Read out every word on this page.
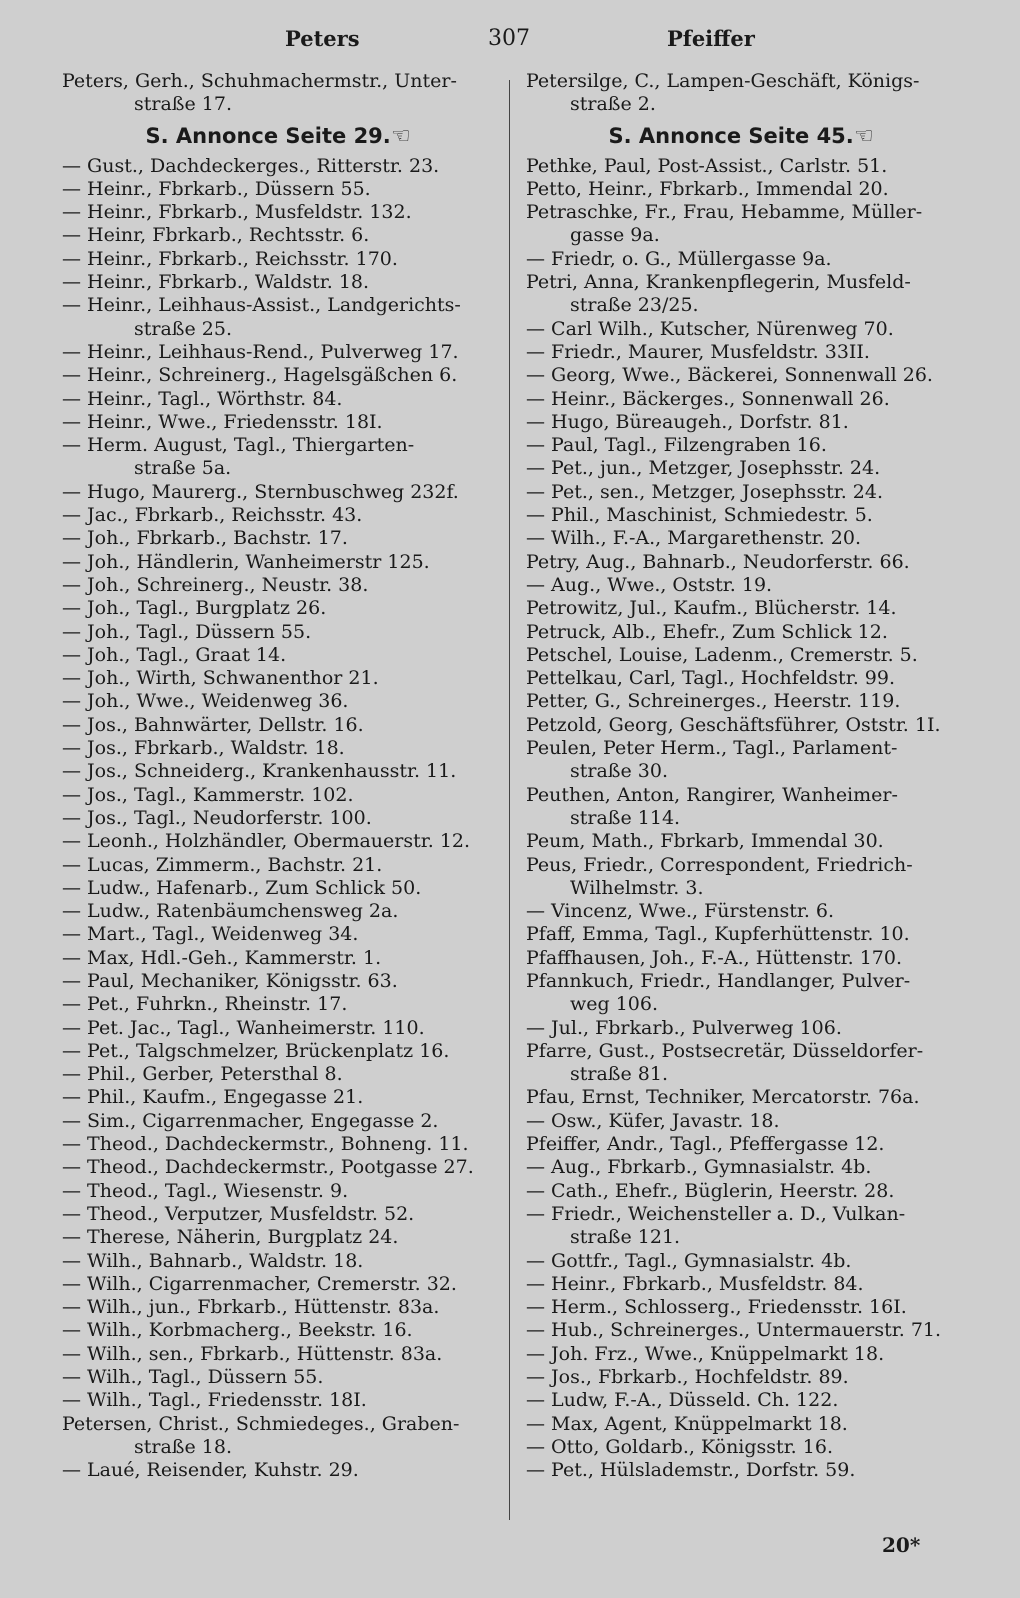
Peters	307	Pfeiffer
Peters, Gerh., Schuhmachermstr., Unter-
straße 17.
S. Annonce Seite 29.☞
— Gust., Dachdeckerges., Ritterstr. 23.
— Heinr., Fbrkarb., Düssern 55.
— Heinr., Fbrkarb., Musfeldstr. 132.
— Heinr, Fbrkarb., Rechtsstr. 6.
— Heinr., Fbrkarb., Reichsstr. 170.
— Heinr., Fbrkarb., Waldstr. 18.
— Heinr., Leihhaus-Assist., Landgerichts-
straße 25.
— Heinr., Leihhaus-Rend., Pulverweg 17.
— Heinr., Schreinerg., Hagelsgäßchen 6.
— Heinr., Tagl., Wörthstr. 84.
— Heinr., Wwe., Friedensstr. 18I.
— Herm. August, Tagl., Thiergarten-
straße 5a.
— Hugo, Maurerg., Sternbuschweg 232f.
— Jac., Fbrkarb., Reichsstr. 43.
— Joh., Fbrkarb., Bachstr. 17.
— Joh., Händlerin, Wanheimerstr 125.
— Joh., Schreinerg., Neustr. 38.
— Joh., Tagl., Burgplatz 26.
— Joh., Tagl., Düssern 55.
— Joh., Tagl., Graat 14.
— Joh., Wirth, Schwanenthor 21.
— Joh., Wwe., Weidenweg 36.
— Jos., Bahnwärter, Dellstr. 16.
— Jos., Fbrkarb., Waldstr. 18.
— Jos., Schneiderg., Krankenhausstr. 11.
— Jos., Tagl., Kammerstr. 102.
— Jos., Tagl., Neudorferstr. 100.
— Leonh., Holzhändler, Obermauerstr. 12.
— Lucas, Zimmerm., Bachstr. 21.
— Ludw., Hafenarb., Zum Schlick 50.
— Ludw., Ratenbäumchensweg 2a.
— Mart., Tagl., Weidenweg 34.
— Max, Hdl.-Geh., Kammerstr. 1.
— Paul, Mechaniker, Königsstr. 63.
— Pet., Fuhrkn., Rheinstr. 17.
— Pet. Jac., Tagl., Wanheimerstr. 110.
— Pet., Talgschmelzer, Brückenplatz 16.
— Phil., Gerber, Petersthal 8.
— Phil., Kaufm., Engegasse 21.
— Sim., Cigarrenmacher, Engegasse 2.
— Theod., Dachdeckermstr., Bohneng. 11.
— Theod., Dachdeckermstr., Pootgasse 27.
— Theod., Tagl., Wiesenstr. 9.
— Theod., Verputzer, Musfeldstr. 52.
— Therese, Näherin, Burgplatz 24.
— Wilh., Bahnarb., Waldstr. 18.
— Wilh., Cigarrenmacher, Cremerstr. 32.
— Wilh., jun., Fbrkarb., Hüttenstr. 83a.
— Wilh., Korbmacherg., Beekstr. 16.
— Wilh., sen., Fbrkarb., Hüttenstr. 83a.
— Wilh., Tagl., Düssern 55.
— Wilh., Tagl., Friedensstr. 18I.
Petersen, Christ., Schmiedeges., Graben-
straße 18.
— Laué, Reisender, Kuhstr. 29.
Petersilge, C., Lampen-Geschäft, Königs-
straße 2.
S. Annonce Seite 45.☞
Pethke, Paul, Post-Assist., Carlstr. 51.
Petto, Heinr., Fbrkarb., Immendal 20.
Petraschke, Fr., Frau, Hebamme, Müller-
gasse 9a.
— Friedr, o. G., Müllergasse 9a.
Petri, Anna, Krankenpflegerin, Musfeld-
straße 23/25.
— Carl Wilh., Kutscher, Nürenweg 70.
— Friedr., Maurer, Musfeldstr. 33II.
— Georg, Wwe., Bäckerei, Sonnenwall 26.
— Heinr., Bäckerges., Sonnenwall 26.
— Hugo, Büreaugeh., Dorfstr. 81.
— Paul, Tagl., Filzengraben 16.
— Pet., jun., Metzger, Josephsstr. 24.
— Pet., sen., Metzger, Josephsstr. 24.
— Phil., Maschinist, Schmiedestr. 5.
— Wilh., F.-A., Margarethenstr. 20.
Petry, Aug., Bahnarb., Neudorferstr. 66.
— Aug., Wwe., Oststr. 19.
Petrowitz, Jul., Kaufm., Blücherstr. 14.
Petruck, Alb., Ehefr., Zum Schlick 12.
Petschel, Louise, Ladenm., Cremerstr. 5.
Pettelkau, Carl, Tagl., Hochfeldstr. 99.
Petter, G., Schreinerges., Heerstr. 119.
Petzold, Georg, Geschäftsführer, Oststr. 1I.
Peulen, Peter Herm., Tagl., Parlament-
straße 30.
Peuthen, Anton, Rangirer, Wanheimer-
straße 114.
Peum, Math., Fbrkarb, Immendal 30.
Peus, Friedr., Correspondent, Friedrich-
Wilhelmstr. 3.
— Vincenz, Wwe., Fürstenstr. 6.
Pfaff, Emma, Tagl., Kupferhüttenstr. 10.
Pfaffhausen, Joh., F.-A., Hüttenstr. 170.
Pfannkuch, Friedr., Handlanger, Pulver-
weg 106.
— Jul., Fbrkarb., Pulverweg 106.
Pfarre, Gust., Postsecretär, Düsseldorfer-
straße 81.
Pfau, Ernst, Techniker, Mercatorstr. 76a.
— Osw., Küfer, Javastr. 18.
Pfeiffer, Andr., Tagl., Pfeffergasse 12.
— Aug., Fbrkarb., Gymnasialstr. 4b.
— Cath., Ehefr., Büglerin, Heerstr. 28.
— Friedr., Weichensteller a. D., Vulkan-
straße 121.
— Gottfr., Tagl., Gymnasialstr. 4b.
— Heinr., Fbrkarb., Musfeldstr. 84.
— Herm., Schlosserg., Friedensstr. 16I.
— Hub., Schreinerges., Untermauerstr. 71.
— Joh. Frz., Wwe., Knüppelmarkt 18.
— Jos., Fbrkarb., Hochfeldstr. 89.
— Ludw, F.-A., Düsseld. Ch. 122.
— Max, Agent, Knüppelmarkt 18.
— Otto, Goldarb., Königsstr. 16.
— Pet., Hülslademstr., Dorfstr. 59.
20*
